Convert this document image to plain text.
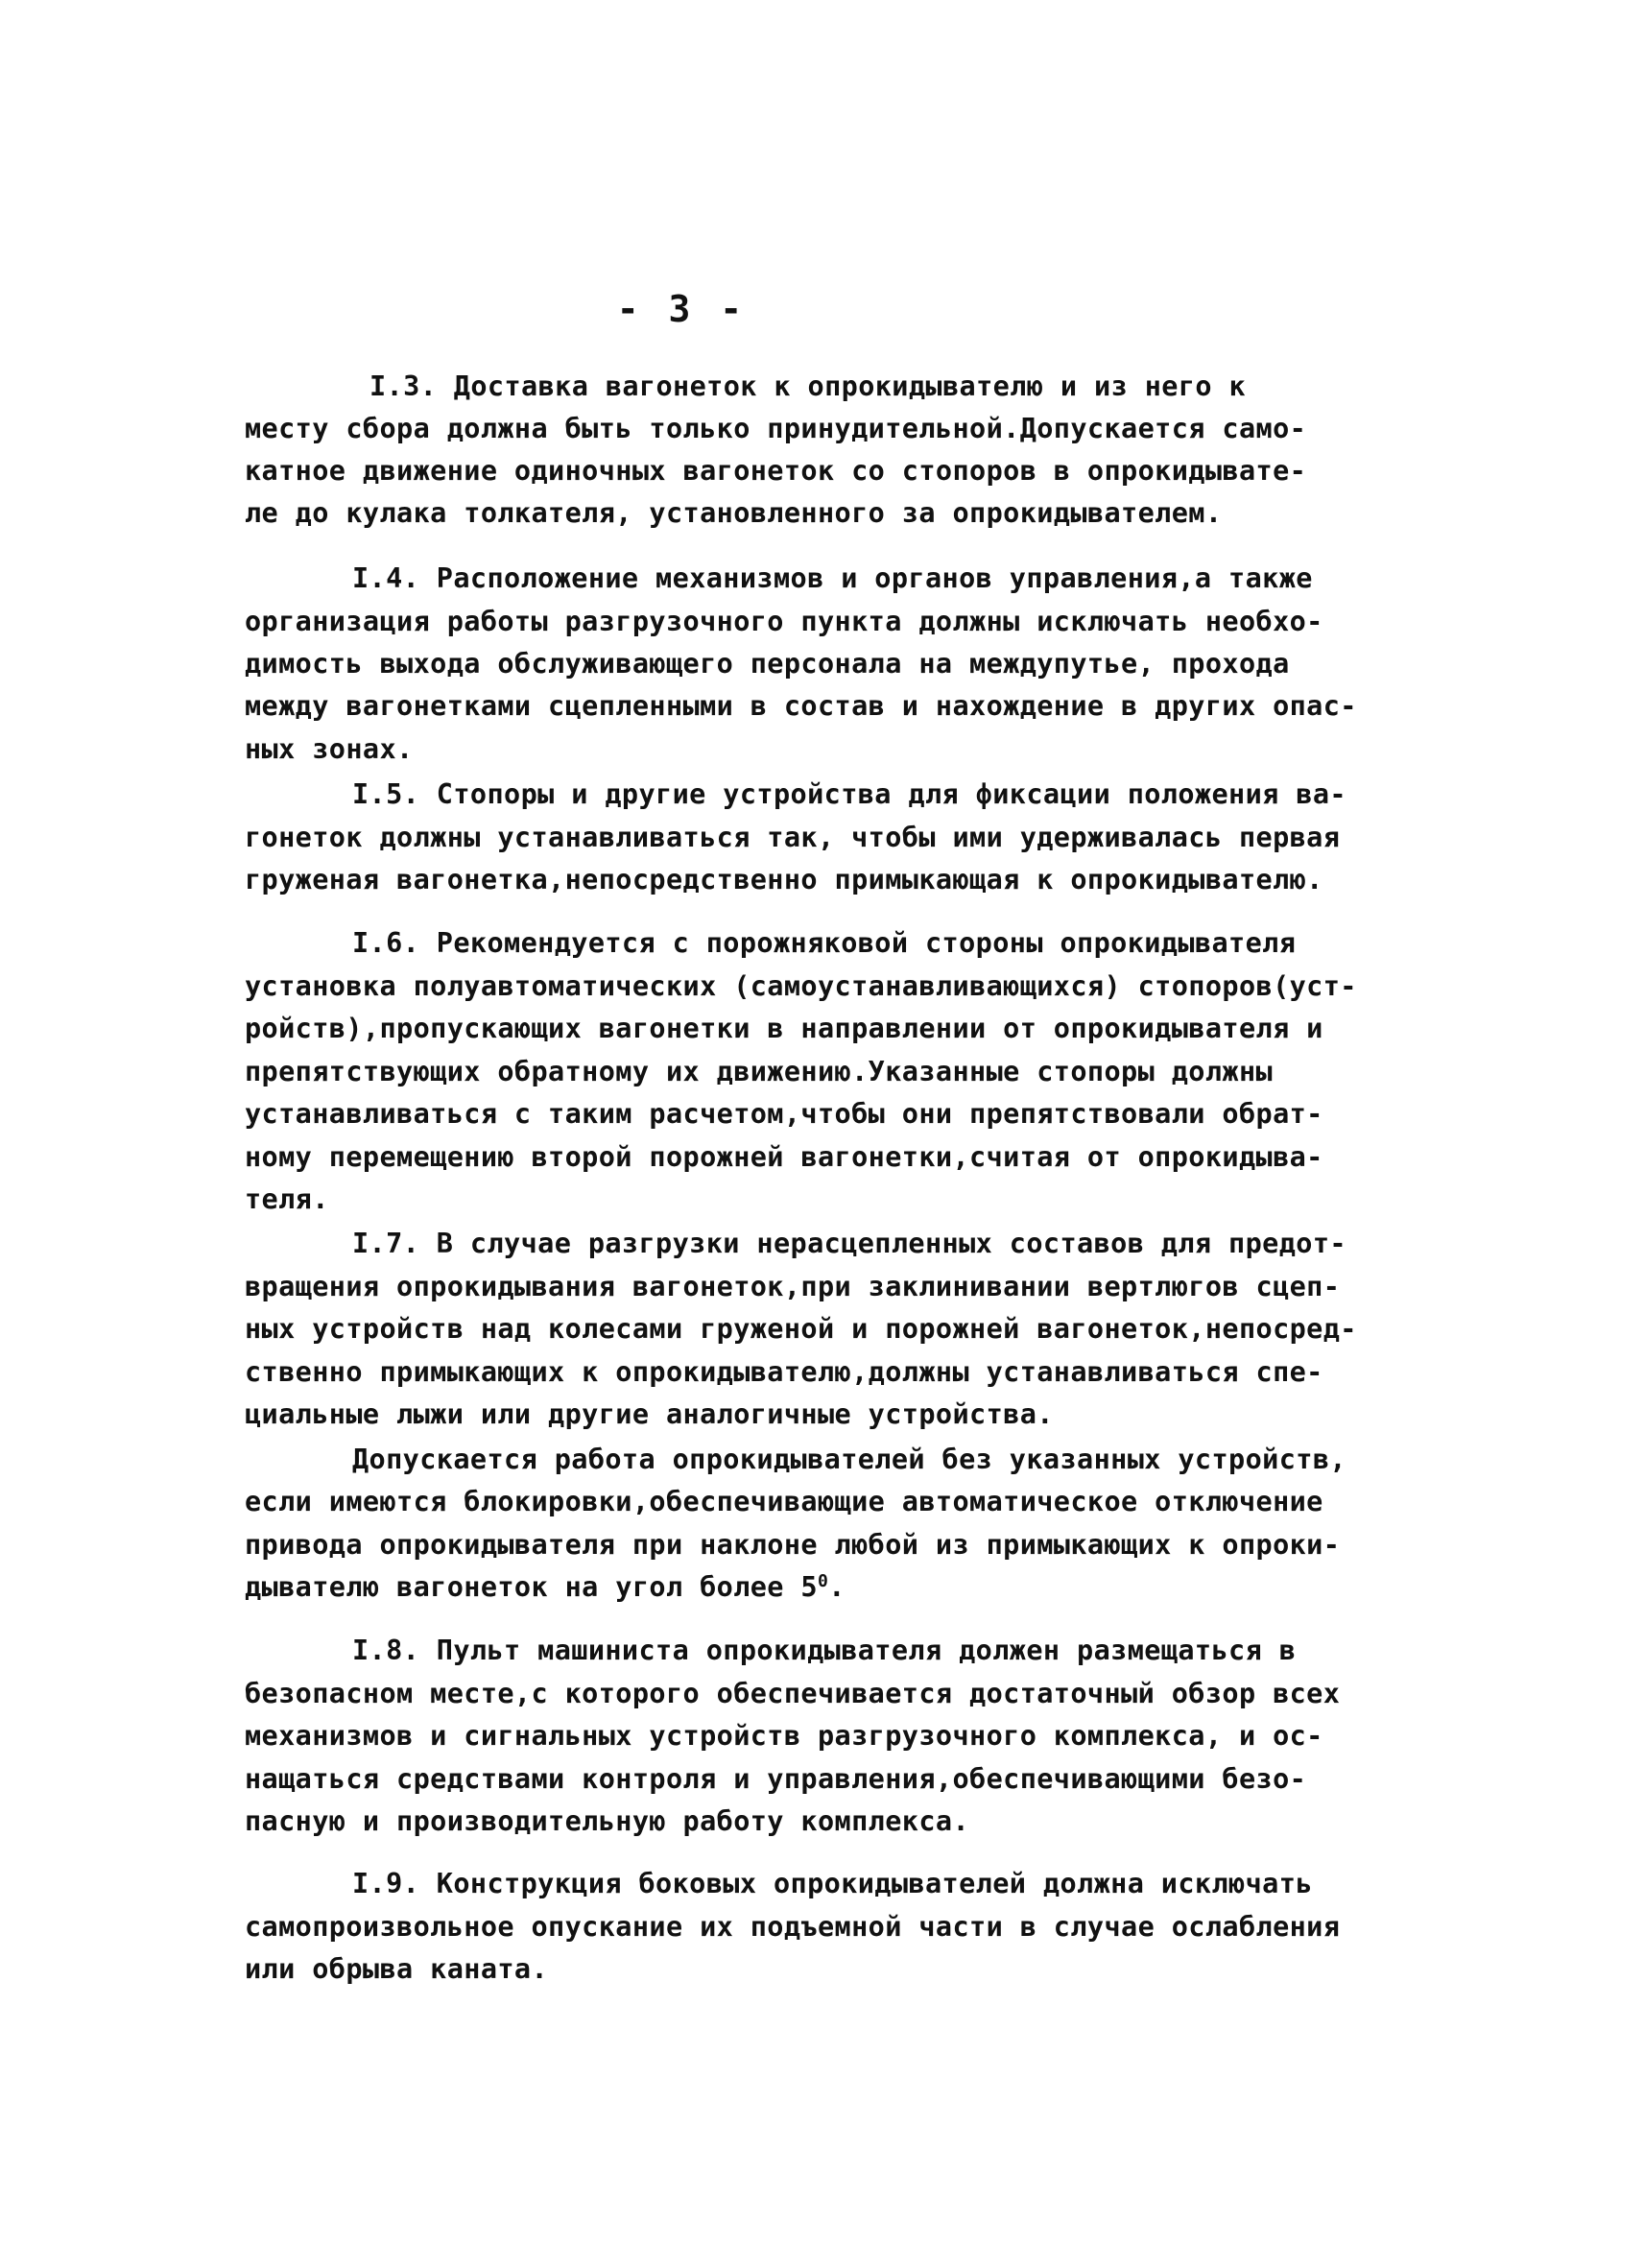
- 3 -
I.3. Доставка вагонеток к опрокидывателю и из него к
месту сбора должна быть только принудительной.Допускается само-
катное движение одиночных вагонеток со стопоров в опрокидывате-
ле до кулака толкателя, установленного за опрокидывателем.
I.4. Расположение механизмов и органов управления,а также
организация работы разгрузочного пункта должны исключать необхо-
димость выхода обслуживающего персонала на междупутье, прохода
между вагонетками сцепленными в состав и нахождение в других опас-
ных зонах.
I.5. Стопоры и другие устройства для фиксации положения ва-
гонеток должны устанавливаться так, чтобы ими удерживалась первая
груженая вагонетка,непосредственно примыкающая к опрокидывателю.
I.6. Рекомендуется с порожняковой стороны опрокидывателя
установка полуавтоматических (самоустанавливающихся) стопоров(уст-
ройств),пропускающих вагонетки в направлении от опрокидывателя и
препятствующих обратному их движению.Указанные стопоры должны
устанавливаться с таким расчетом,чтобы они препятствовали обрат-
ному перемещению второй порожней вагонетки,считая от опрокидыва-
теля.
I.7. В случае разгрузки нерасцепленных составов для предот-
вращения опрокидывания вагонеток,при заклинивании вертлюгов сцеп-
ных устройств над колесами груженой и порожней вагонеток,непосред-
ственно примыкающих к опрокидывателю,должны устанавливаться спе-
циальные лыжи или другие аналогичные устройства.
Допускается работа опрокидывателей без указанных устройств,
если имеются блокировки,обеспечивающие автоматическое отключение
привода опрокидывателя при наклоне любой из примыкающих к опроки-
дывателю вагонеток на угол более $5^0$.
I.8. Пульт машиниста опрокидывателя должен размещаться в
безопасном месте,с которого обеспечивается достаточный обзор всех
механизмов и сигнальных устройств разгрузочного комплекса, и ос-
нащаться средствами контроля и управления,обеспечивающими безо-
пасную и производительную работу комплекса.
I.9. Конструкция боковых опрокидывателей должна исключать
самопроизвольное опускание их подъемной части в случае ослабления
или обрыва каната.
